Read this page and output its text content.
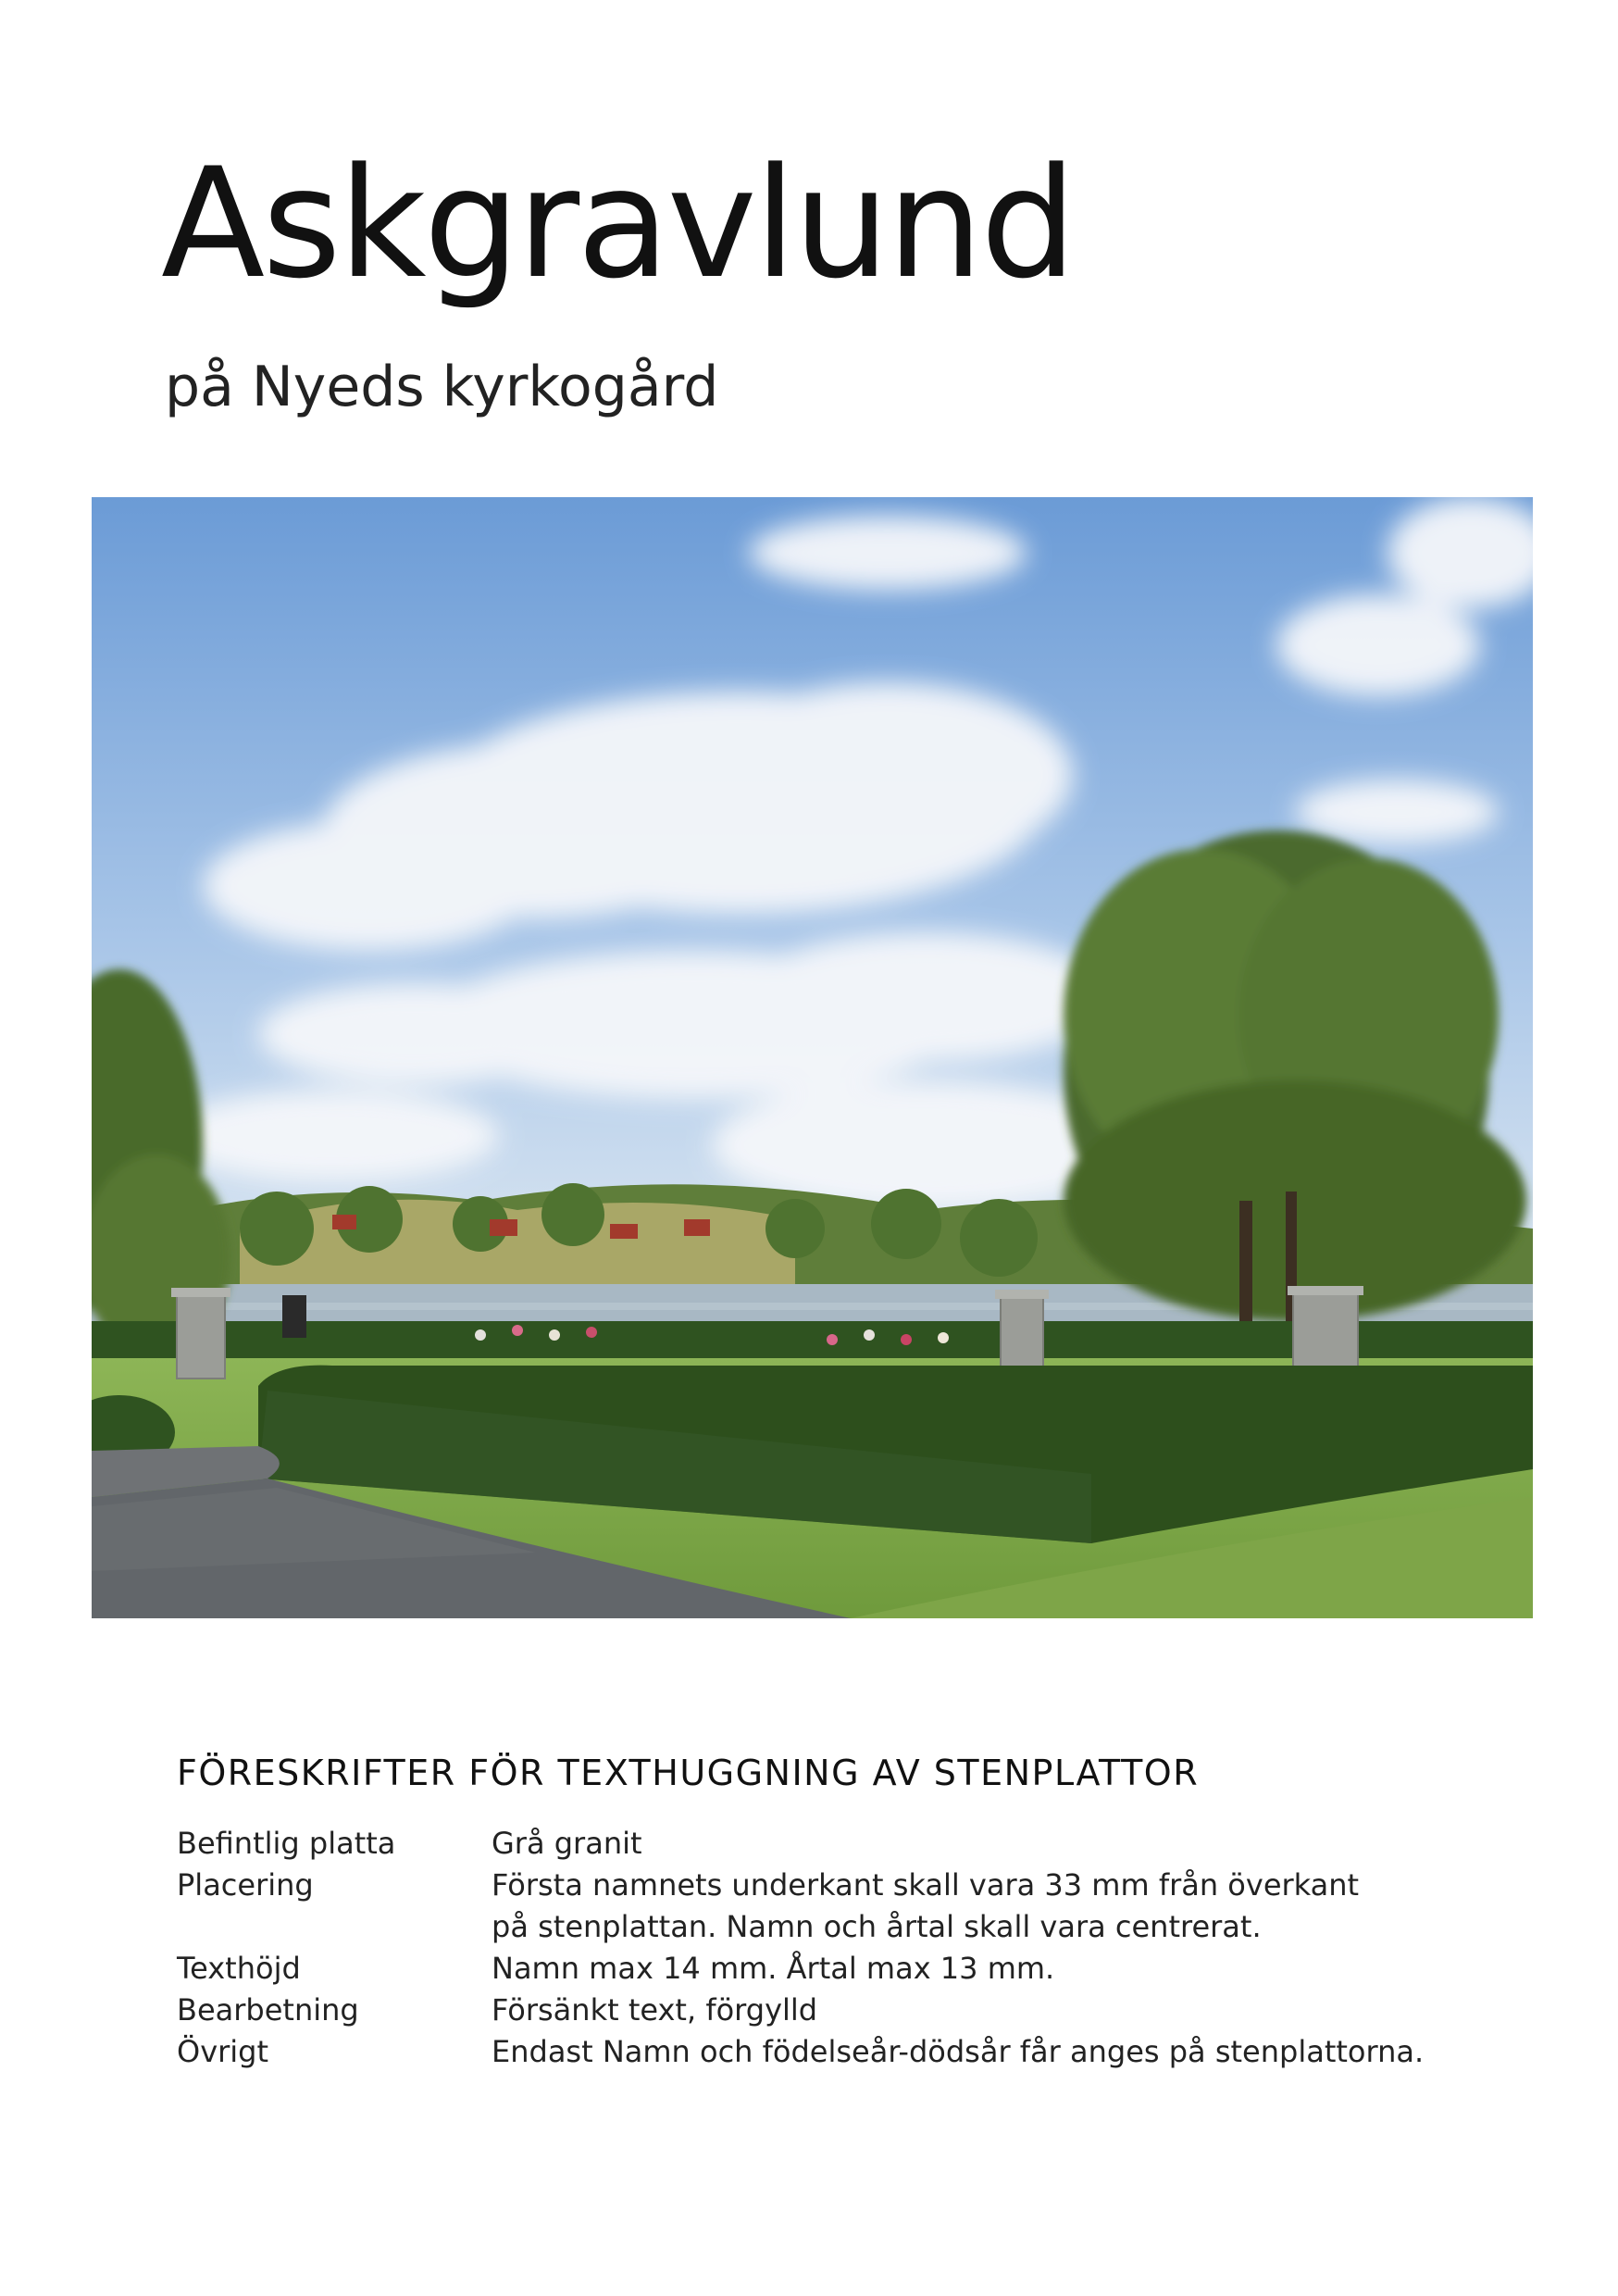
Askgravlund
på Nyeds kyrkogård
FÖRESKRIFTER FÖR TEXTHUGGNING AV STENPLATTOR
Befintlig platta	Grå granit
Placering	Första namnets underkant skall vara 33 mm från överkant
på stenplattan. Namn och årtal skall vara centrerat.
Texthöjd	Namn max 14 mm. Årtal max 13 mm.
Bearbetning	Försänkt text, förgylld
Övrigt	Endast Namn och födelseår-dödsår får anges på stenplattorna.
